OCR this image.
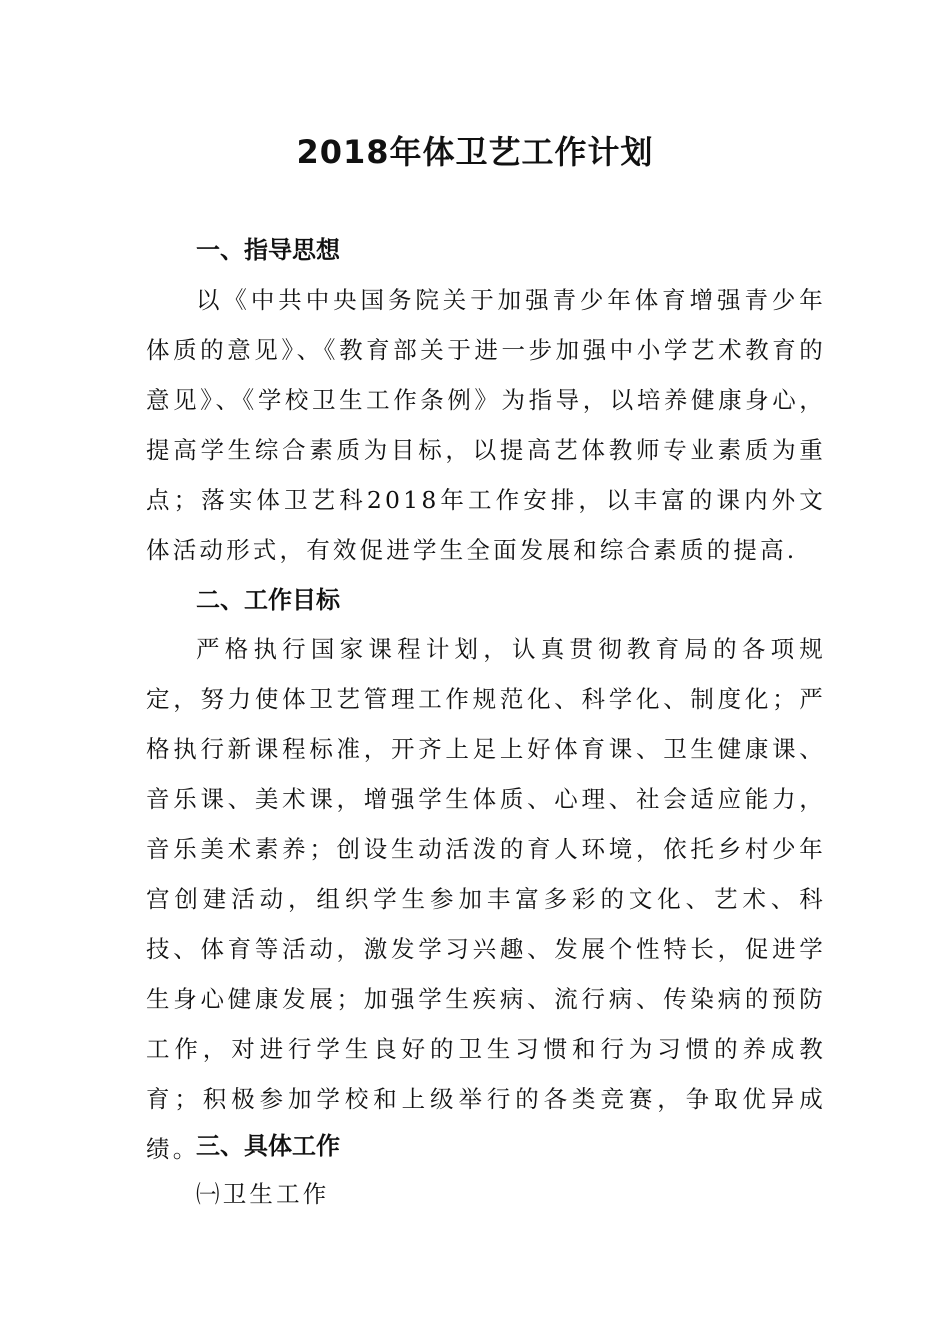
2018年体卫艺工作计划
一、指导思想

以《中共中央国务院关于加强青少年体育增强青少年体质的意见》、《教育部关于进一步加强中小学艺术教育的意见》、《学校卫生工作条例》为指导，以培养健康身心，提高学生综合素质为目标，以提高艺体教师专业素质为重点；落实体卫艺科2018年工作安排，以丰富的课内外文体活动形式，有效促进学生全面发展和综合素质的提高.

二、工作目标

严格执行国家课程计划，认真贯彻教育局的各项规定，努力使体卫艺管理工作规范化、科学化、制度化；严格执行新课程标准，开齐上足上好体育课、卫生健康课、音乐课、美术课，增强学生体质、心理、社会适应能力，音乐美术素养；创设生动活泼的育人环境，依托乡村少年宫创建活动，组织学生参加丰富多彩的文化、艺术、科技、体育等活动，激发学习兴趣、发展个性特长，促进学生身心健康发展；加强学生疾病、流行病、传染病的预防工作，对进行学生良好的卫生习惯和行为习惯的养成教育；积极参加学校和上级举行的各类竞赛，争取优异成绩。

三、具体工作

㈠卫生工作
